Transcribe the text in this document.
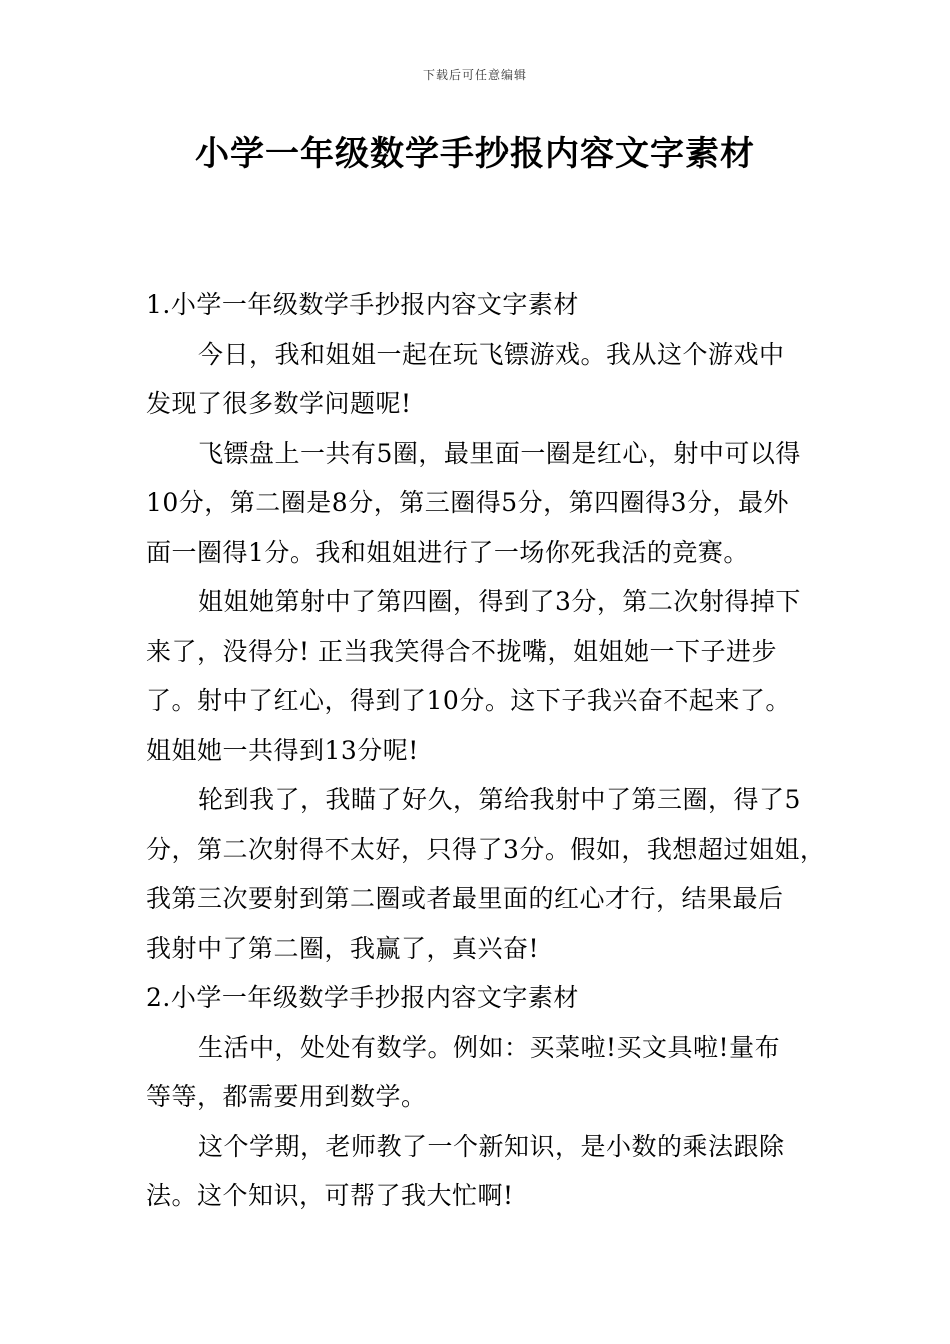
下载后可任意编辑
小学一年级数学手抄报内容文字素材
1.小学一年级数学手抄报内容文字素材
今日，我和姐姐一起在玩飞镖游戏。我从这个游戏中
发现了很多数学问题呢!
飞镖盘上一共有5圈，最里面一圈是红心，射中可以得
10分，第二圈是8分，第三圈得5分，第四圈得3分，最外
面一圈得1分。我和姐姐进行了一场你死我活的竞赛。
姐姐她第射中了第四圈，得到了3分，第二次射得掉下
来了，没得分! 正当我笑得合不拢嘴，姐姐她一下子进步
了。射中了红心，得到了10分。这下子我兴奋不起来了。
姐姐她一共得到13分呢!
轮到我了，我瞄了好久，第给我射中了第三圈，得了5
分，第二次射得不太好，只得了3分。假如，我想超过姐姐，
我第三次要射到第二圈或者最里面的红心才行，结果最后
我射中了第二圈，我赢了，真兴奋!
2.小学一年级数学手抄报内容文字素材
生活中，处处有数学。例如：买菜啦!买文具啦!量布
等等，都需要用到数学。
这个学期，老师教了一个新知识，是小数的乘法跟除
法。这个知识，可帮了我大忙啊!
